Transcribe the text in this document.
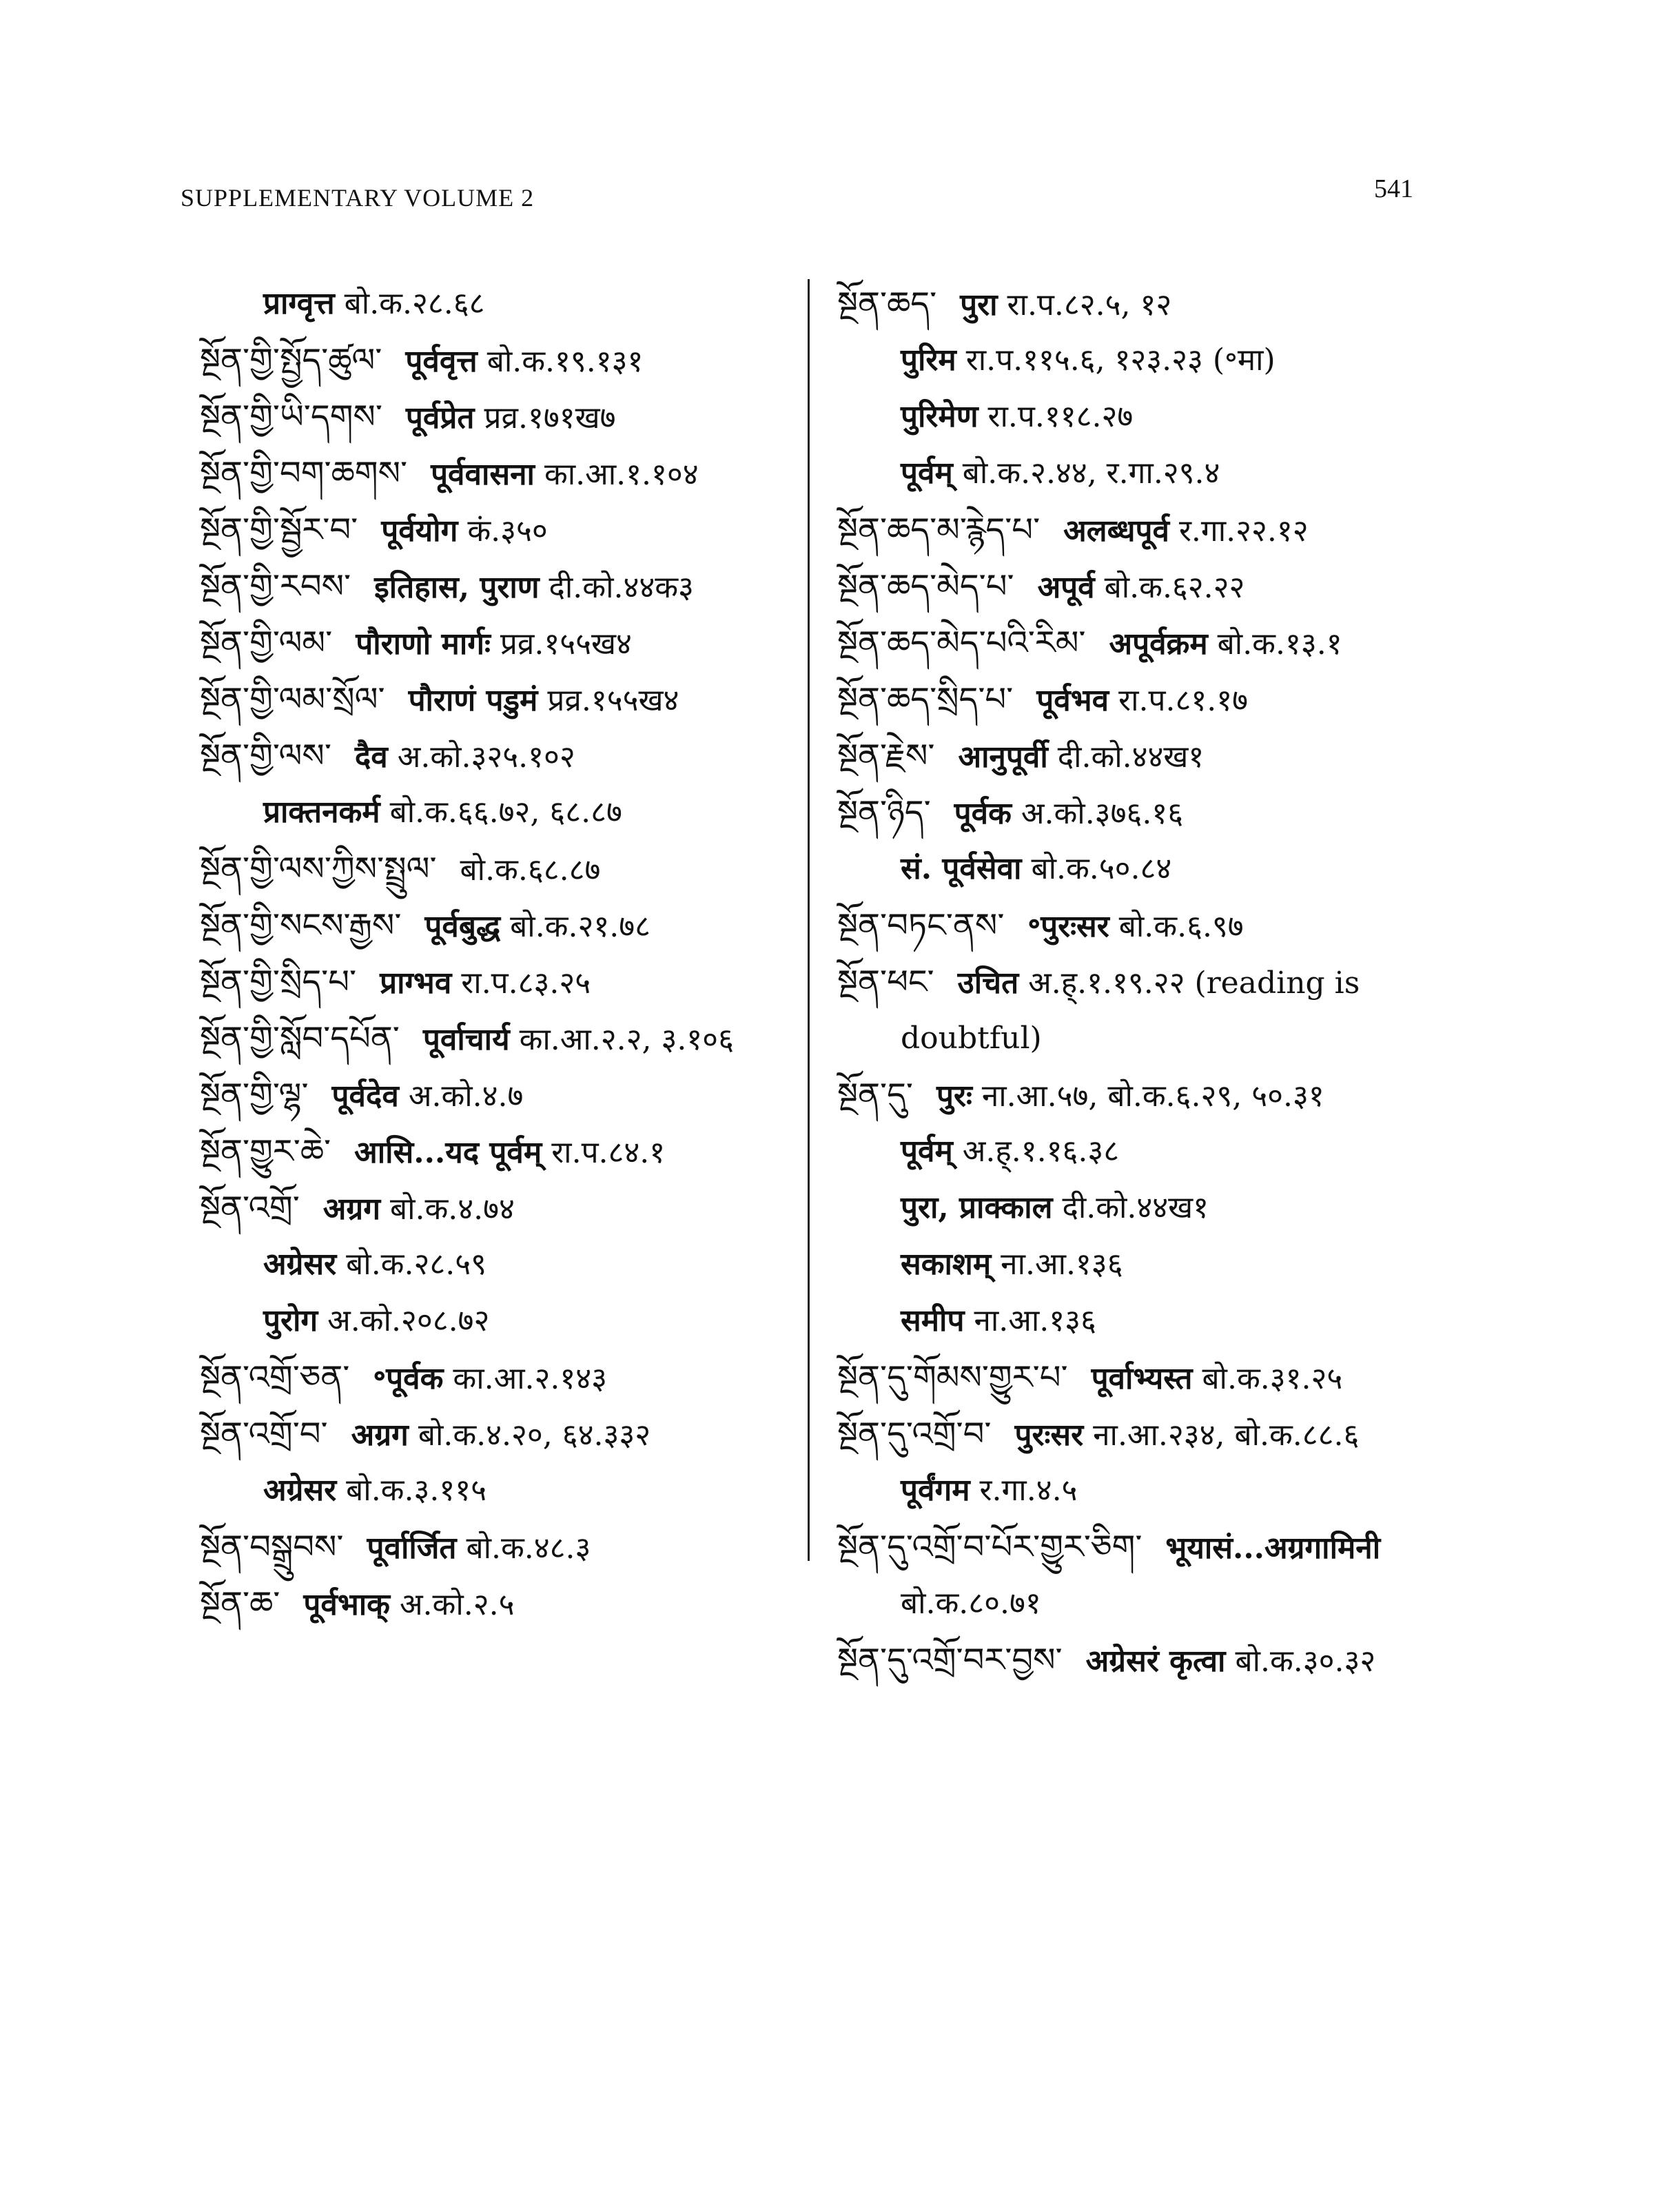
SUPPLEMENTARY VOLUME 2	541
प्राग्वृत्त बो.क.२८.६८
སྔོན་གྱི་སྤྱོད་ཚུལ་ पूर्ववृत्त बो.क.१९.१३१
སྔོན་གྱི་ཡི་དགས་ पूर्वप्रेत प्रव्र.१७१ख७
སྔོན་གྱི་བག་ཆགས་ पूर्ववासना का.आ.१.१०४
སྔོན་གྱི་སྦྱོར་བ་ पूर्वयोग कं.३५०
སྔོན་གྱི་རབས་ इतिहास, पुराण दी.को.४४क३
སྔོན་གྱི་ལམ་ पौराणो मार्गः प्रव्र.१५५ख४
སྔོན་གྱི་ལམ་སྲོལ་ पौराणं पडुमं प्रव्र.१५५ख४
སྔོན་གྱི་ལས་ दैव अ.को.३२५.१०२
प्राक्तनकर्म बो.क.६६.७२, ६८.८७
སྔོན་གྱི་ལས་ཀྱིས་སྤྲུལ་ बो.क.६८.८७
སྔོན་གྱི་སངས་རྒྱས་ पूर्वबुद्ध बो.क.२१.७८
སྔོན་གྱི་སྲིད་པ་ प्राग्भव रा.प.८३.२५
སྔོན་གྱི་སློབ་དཔོན་ पूर्वाचार्य का.आ.२.२, ३.१०६
སྔོན་གྱི་ལྷ་ पूर्वदेव अ.को.४.७
སྔོན་གྱུར་ཆེ་ आसि...यद पूर्वम् रा.प.८४.१
སྔོན་འགྲོ་ अग्रग बो.क.४.७४
अग्रेसर बो.क.२८.५९
पुरोग अ.को.२०८.७२
སྔོན་འགྲོ་ཅན་ ॰पूर्वक का.आ.२.१४३
སྔོན་འགྲོ་བ་ अग्रग बो.क.४.२०, ६४.३३२
अग्रेसर बो.क.३.११५
སྔོན་བསྒྲུབས་ पूर्वार्जित बो.क.४८.३
སྔོན་ཆ་ पूर्वभाक् अ.को.२.५
སྔོན་ཆད་ पुरा रा.प.८२.५, १२
पुरिम रा.प.११५.६, १२३.२३ (॰मा)
पुरिमेण रा.प.११८.२७
पूर्वम् बो.क.२.४४, र.गा.२९.४
སྔོན་ཆད་མ་རྙེད་པ་ अलब्धपूर्व र.गा.२२.१२
སྔོན་ཆད་མེད་པ་ अपूर्व बो.क.६२.२२
སྔོན་ཆད་མེད་པའི་རིམ་ अपूर्वक्रम बो.क.१३.१
སྔོན་ཆད་སྲིད་པ་ पूर्वभव रा.प.८१.१७
སྔོན་རྗེས་ आनुपूर्वी दी.को.४४ख१
སྔོན་ཉིད་ पूर्वक अ.को.३७६.१६
सं. पूर्वसेवा बो.क.५०.८४
སྔོན་བཏང་ནས་ ॰पुरःसर बो.क.६.९७
སྔོན་ཕང་ उचित अ.ह्.१.१९.२२ (reading is
doubtful)
སྔོན་དུ་ पुरः ना.आ.५७, बो.क.६.२९, ५०.३१
पूर्वम् अ.ह्.१.१६.३८
पुरा, प्राक्काल दी.को.४४ख१
सकाशम् ना.आ.१३६
समीप ना.आ.१३६
སྔོན་དུ་གོམས་གྱུར་པ་ पूर्वाभ्यस्त बो.क.३१.२५
སྔོན་དུ་འགྲོ་བ་ पुरःसर ना.आ.२३४, बो.क.८८.६
पूर्वंगम र.गा.४.५
སྔོན་དུ་འགྲོ་བ་པོར་གྱུར་ཅིག་ भूयासं...अग्रगामिनी
बो.क.८०.७१
སྔོན་དུ་འགྲོ་བར་བྱས་ अग्रेसरं कृत्वा बो.क.३०.३२
